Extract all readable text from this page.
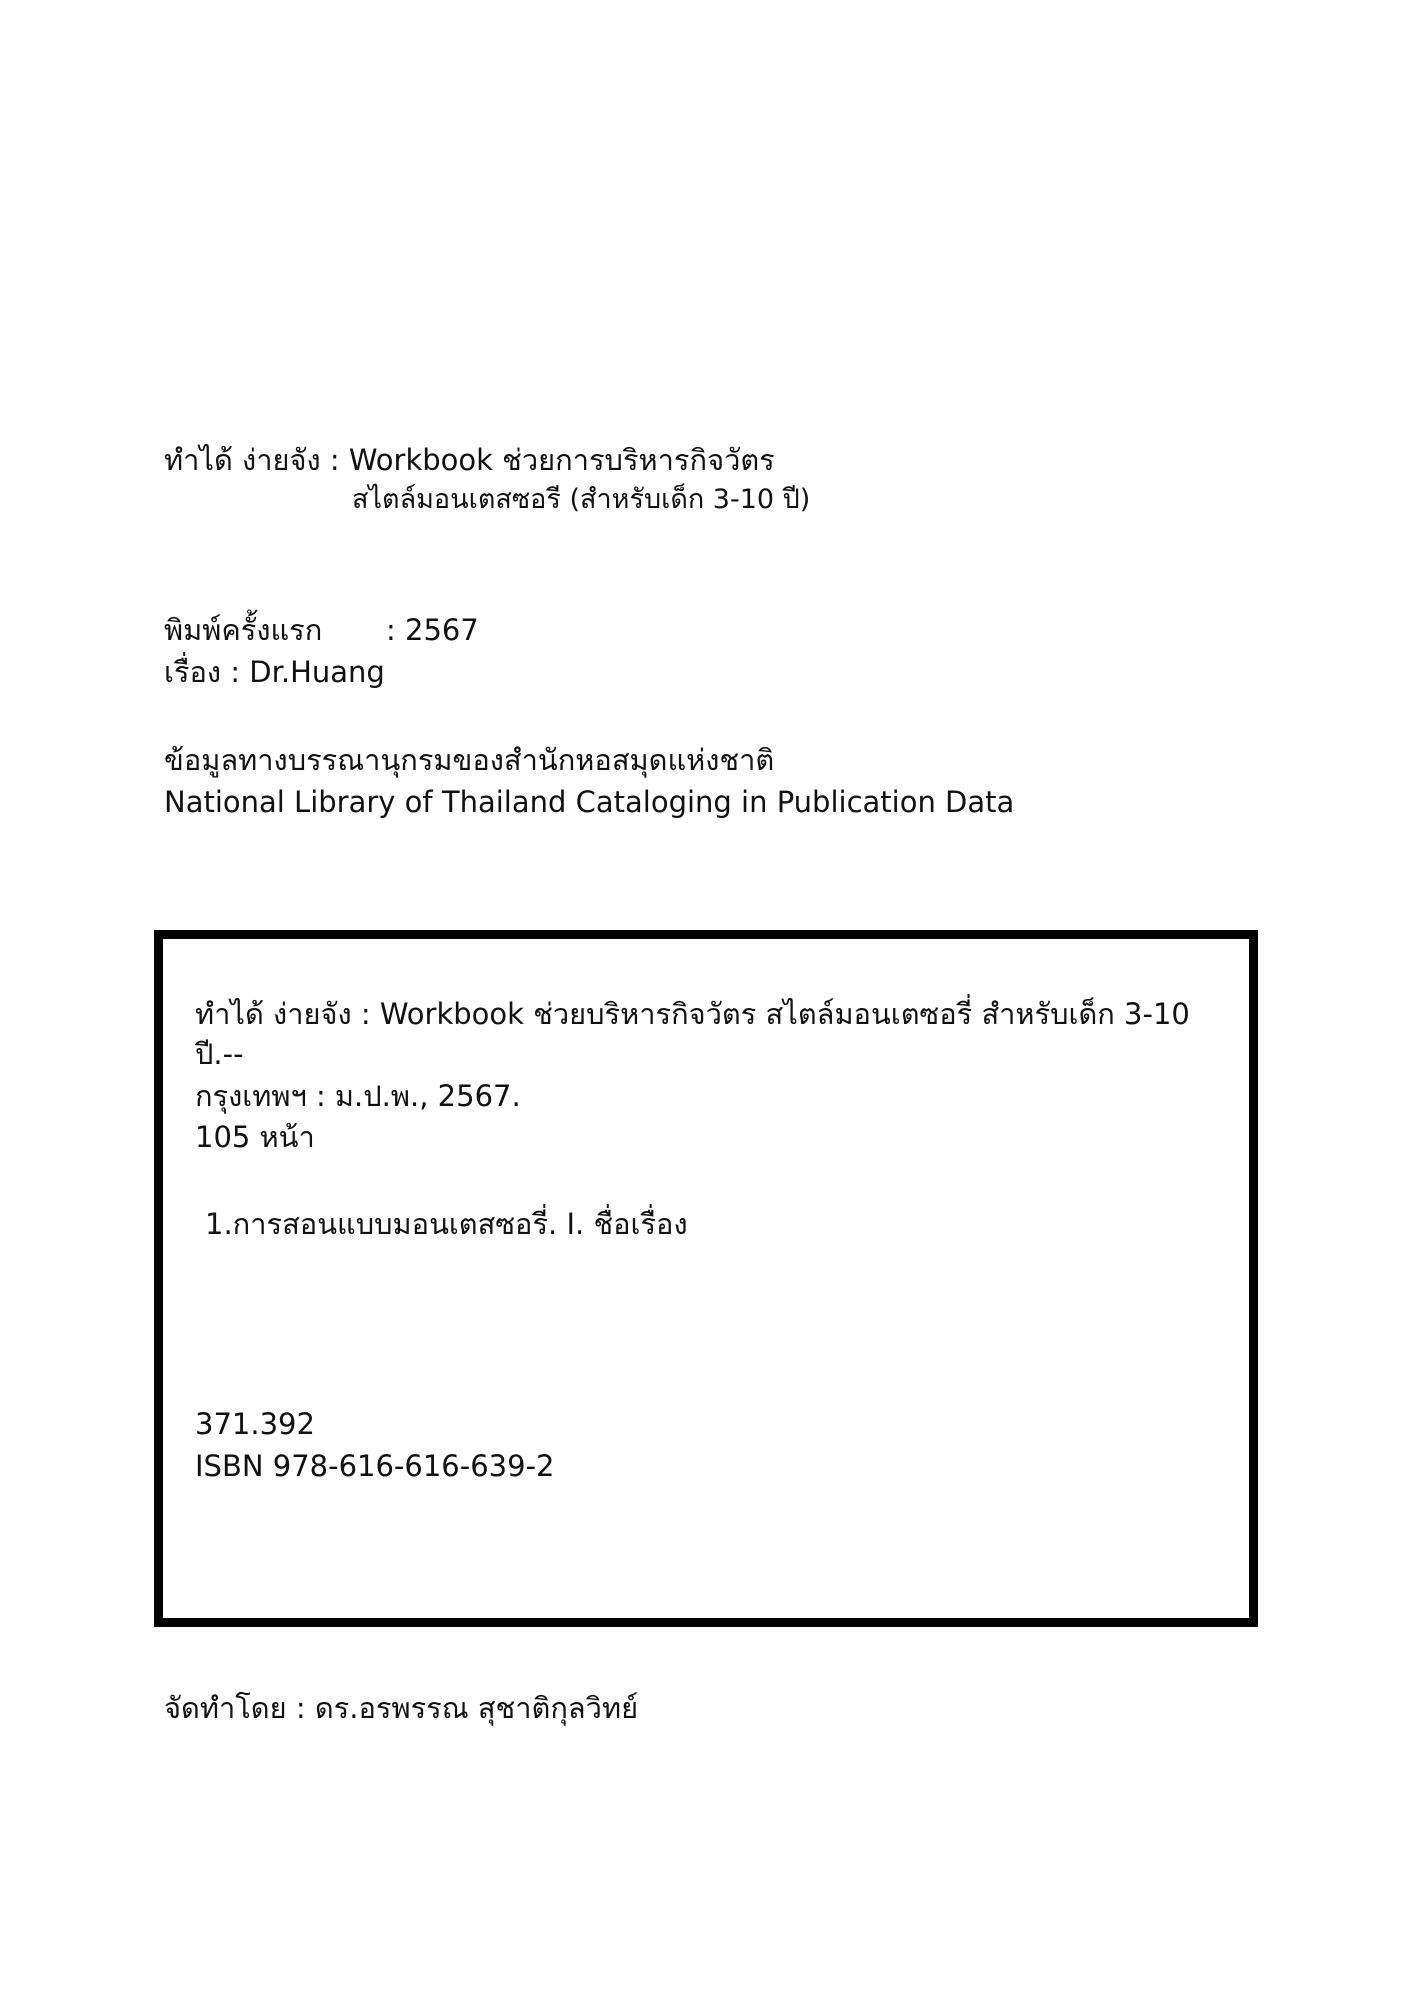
ทำได้ ง่ายจัง : Workbook ช่วยการบริหารกิจวัตร
สไตล์มอนเตสซอรี (สำหรับเด็ก 3-10 ปี)
พิมพ์ครั้งแรก : 2567
เรื่อง : Dr.Huang
ข้อมูลทางบรรณานุกรมของสำนักหอสมุดแห่งชาติ
National Library of Thailand Cataloging in Publication Data
ทำได้ ง่ายจัง : Workbook ช่วยบริหารกิจวัตร สไตล์มอนเตซอรี่ สำหรับเด็ก 3-10
ปี.--
กรุงเทพฯ : ม.ป.พ., 2567.
105 หน้า
1.การสอนแบบมอนเตสซอรี่. I. ชื่อเรื่อง
371.392
ISBN 978-616-616-639-2
จัดทำโดย : ดร.อรพรรณ สุชาติกุลวิทย์
